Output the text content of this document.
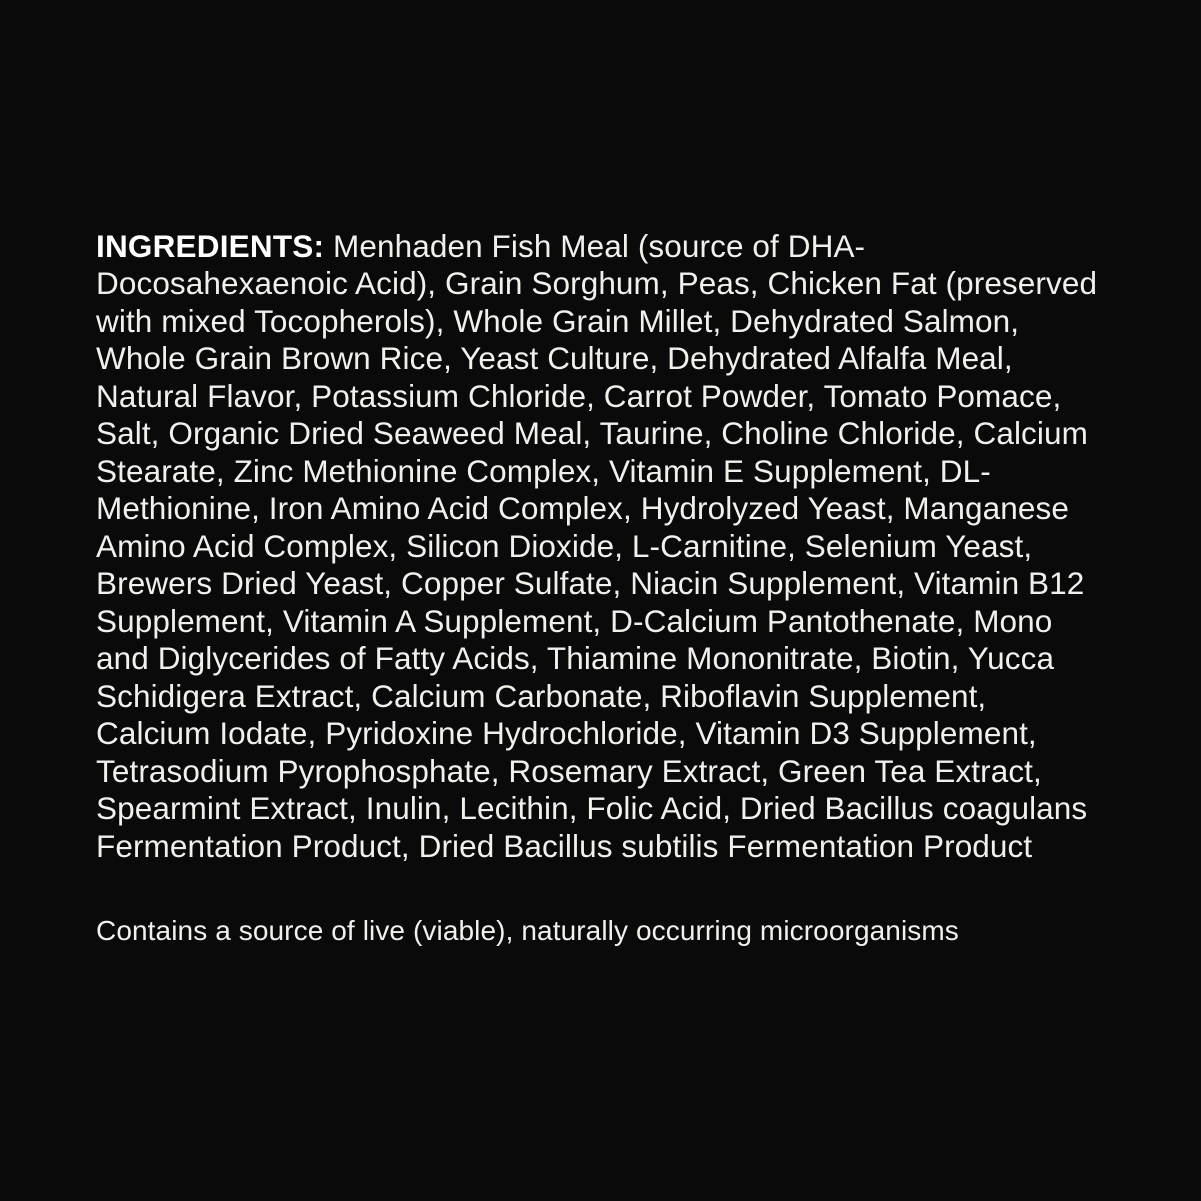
INGREDIENTS: Menhaden Fish Meal (source of DHA-Docosahexaenoic Acid), Grain Sorghum, Peas, Chicken Fat (preserved with mixed Tocopherols), Whole Grain Millet, Dehydrated Salmon, Whole Grain Brown Rice, Yeast Culture, Dehydrated Alfalfa Meal, Natural Flavor, Potassium Chloride, Carrot Powder, Tomato Pomace, Salt, Organic Dried Seaweed Meal, Taurine, Choline Chloride, Calcium Stearate, Zinc Methionine Complex, Vitamin E Supplement, DL-Methionine, Iron Amino Acid Complex, Hydrolyzed Yeast, Manganese Amino Acid Complex, Silicon Dioxide, L-Carnitine, Selenium Yeast, Brewers Dried Yeast, Copper Sulfate, Niacin Supplement, Vitamin B12 Supplement, Vitamin A Supplement, D-Calcium Pantothenate, Mono and Diglycerides of Fatty Acids, Thiamine Mononitrate, Biotin, Yucca Schidigera Extract, Calcium Carbonate, Riboflavin Supplement, Calcium Iodate, Pyridoxine Hydrochloride, Vitamin D3 Supplement, Tetrasodium Pyrophosphate, Rosemary Extract, Green Tea Extract, Spearmint Extract, Inulin, Lecithin, Folic Acid, Dried Bacillus coagulans Fermentation Product, Dried Bacillus subtilis Fermentation Product

Contains a source of live (viable), naturally occurring microorganisms
